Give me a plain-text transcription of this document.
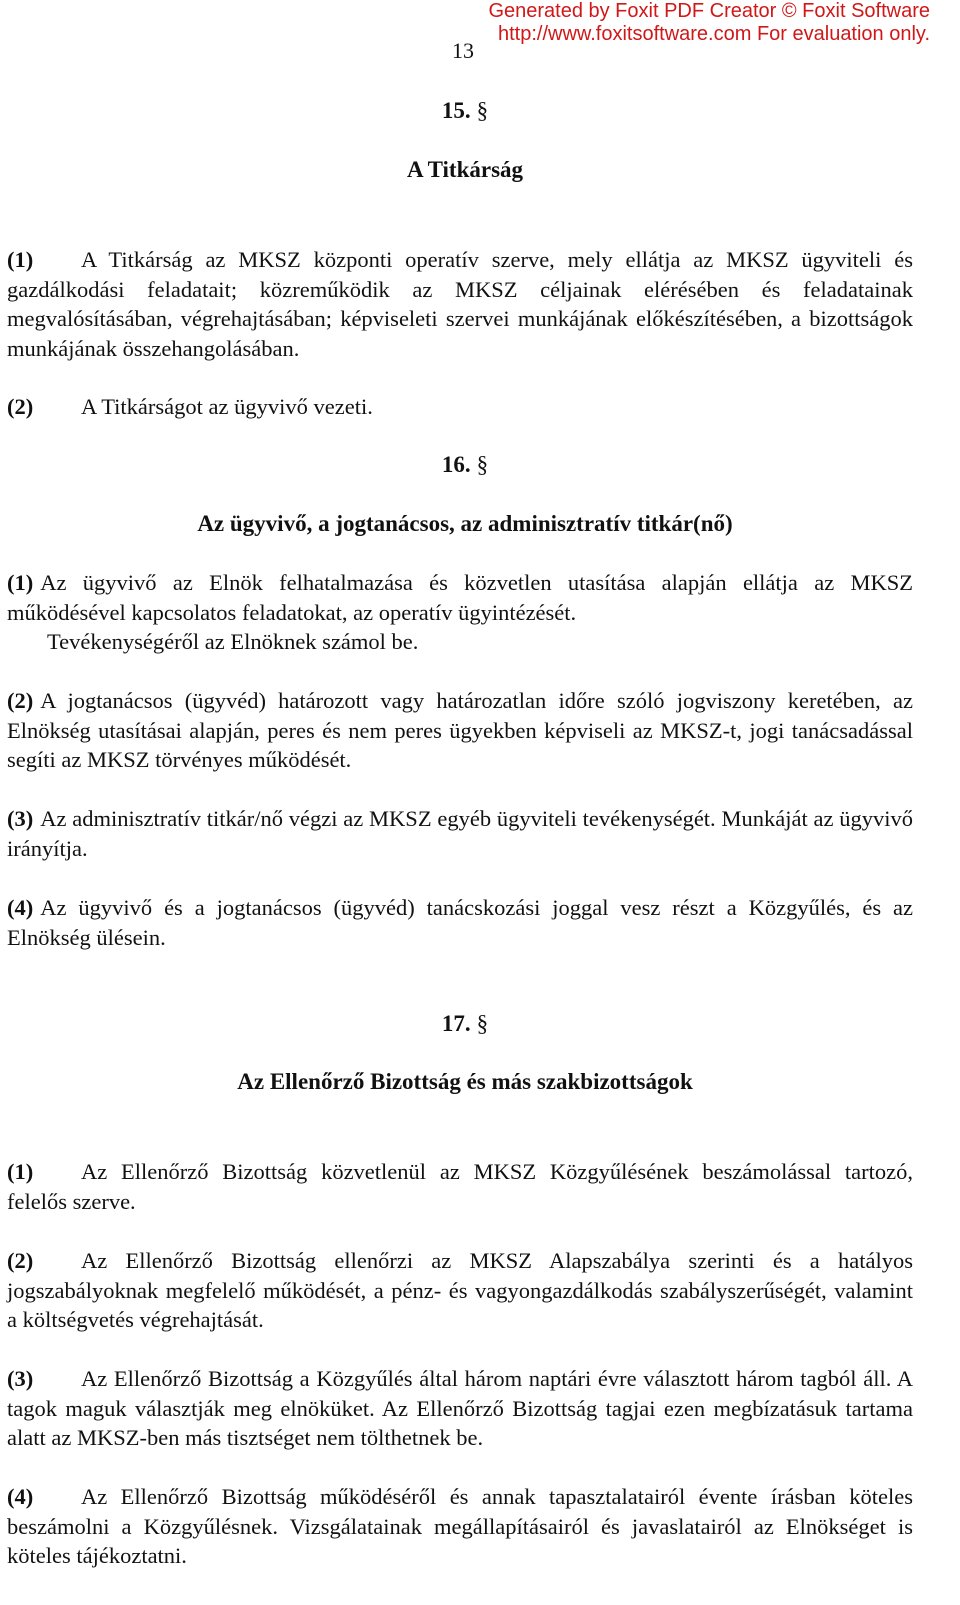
Generated by Foxit PDF Creator © Foxit Software
http://www.foxitsoftware.com For evaluation only.
13
15. §
A Titkárság
(1) A Titkárság az MKSZ központi operatív szerve, mely ellátja az MKSZ ügyviteli és gazdálkodási feladatait; közreműködik az MKSZ céljainak elérésében és feladatainak megvalósításában, végrehajtásában; képviseleti szervei munkájának előkészítésében, a bizottságok munkájának összehangolásában.
(2) A Titkárságot az ügyvivő vezeti.
16. §
Az ügyvivő, a jogtanácsos, az adminisztratív titkár(nő)
(1) Az ügyvivő az Elnök felhatalmazása és közvetlen utasítása alapján ellátja az MKSZ működésével kapcsolatos feladatokat, az operatív ügyintézését.
Tevékenységéről az Elnöknek számol be.
(2) A jogtanácsos (ügyvéd) határozott vagy határozatlan időre szóló jogviszony keretében, az Elnökség utasításai alapján, peres és nem peres ügyekben képviseli az MKSZ-t, jogi tanácsadással segíti az MKSZ törvényes működését.
(3) Az adminisztratív titkár/nő végzi az MKSZ egyéb ügyviteli tevékenységét. Munkáját az ügyvivő irányítja.
(4) Az ügyvivő és a jogtanácsos (ügyvéd) tanácskozási joggal vesz részt a Közgyűlés, és az Elnökség ülésein.
17. §
Az Ellenőrző Bizottság és más szakbizottságok
(1) Az Ellenőrző Bizottság közvetlenül az MKSZ Közgyűlésének beszámolással tartozó, felelős szerve.
(2) Az Ellenőrző Bizottság ellenőrzi az MKSZ Alapszabálya szerinti és a hatályos jogszabályoknak megfelelő működését, a pénz- és vagyongazdálkodás szabályszerűségét, valamint a költségvetés végrehajtását.
(3) Az Ellenőrző Bizottság a Közgyűlés által három naptári évre választott három tagból áll. A tagok maguk választják meg elnöküket. Az Ellenőrző Bizottság tagjai ezen megbízatásuk tartama alatt az MKSZ-ben más tisztséget nem tölthetnek be.
(4) Az Ellenőrző Bizottság működéséről és annak tapasztalatairól évente írásban köteles beszámolni a Közgyűlésnek. Vizsgálatainak megállapításairól és javaslatairól az Elnökséget is köteles tájékoztatni.
